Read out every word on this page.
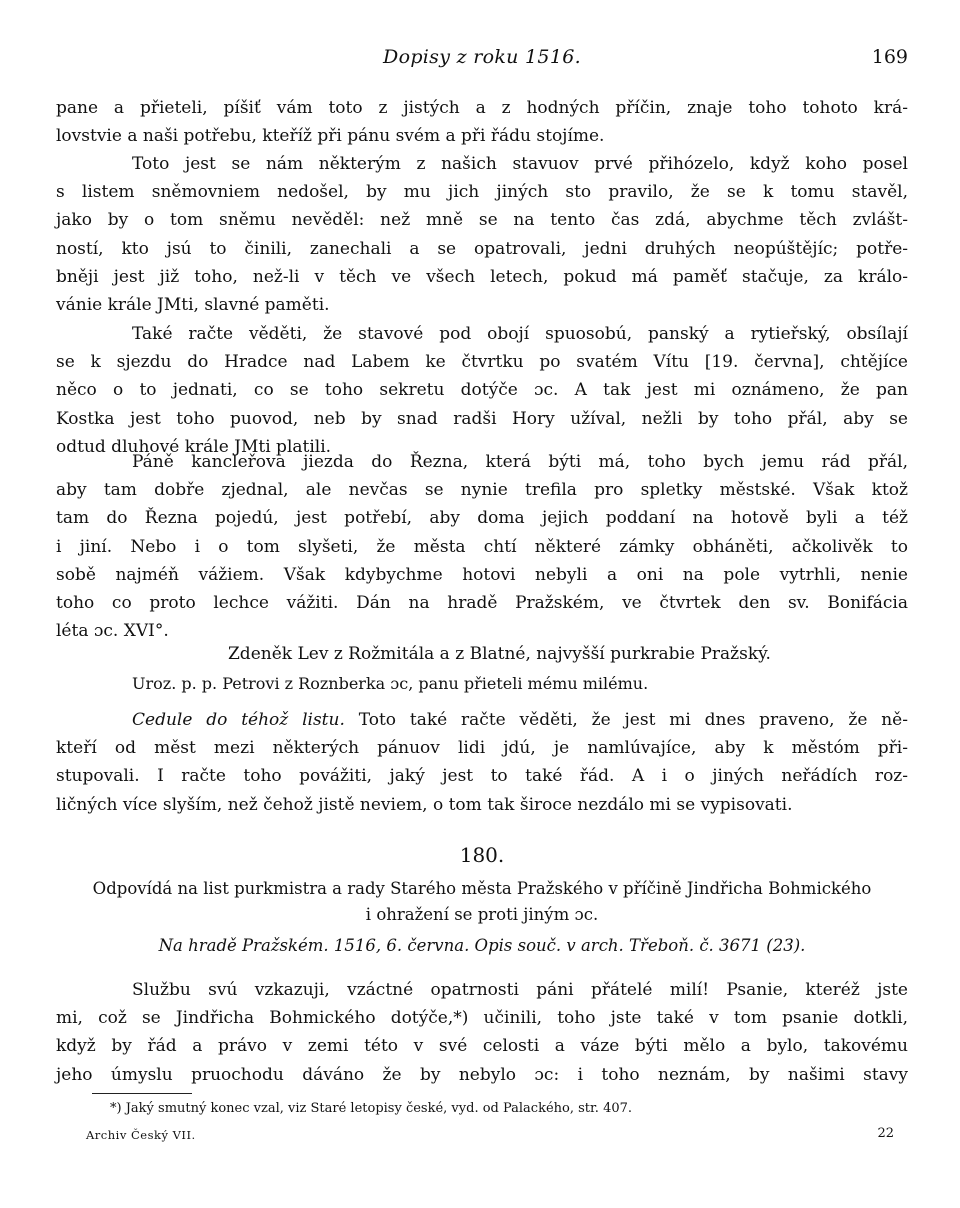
Dopisy z roku 1516.	169
pane a přieteli, píšiť vám toto z jistých a z hodných příčin, znaje toho tohoto krá-
lovstvie a naši potřebu, kteříž při pánu svém a při řádu stojíme.
Toto jest se nám některým z našich stavuov prvé přihózelo, když koho posel
s listem sněmovniem nedošel, by mu jich jiných sto pravilo, že se k tomu stavěl,
jako by o tom sněmu nevěděl: než mně se na tento čas zdá, abychme těch zvlášt-
ností, kto jsú to činili, zanechali a se opatrovali, jedni druhých neopúštějíc; potře-
bněji jest již toho, než-li v těch ve všech letech, pokud má paměť stačuje, za králo-
vánie krále JMti, slavné paměti.
Také račte věděti, že stavové pod obojí spuosobú, panský a rytieřský, obsílají
se k sjezdu do Hradce nad Labem ke čtvrtku po svatém Vítu [19. června], chtějíce
něco o to jednati, co se toho sekretu dotýče ɔc. A tak jest mi oznámeno, že pan
Kostka jest toho puovod, neb by snad radši Hory užíval, nežli by toho přál, aby se
odtud dluhové krále JMti platili.
Páně kancleřova jiezda do Řezna, která býti má, toho bych jemu rád přál,
aby tam dobře zjednal, ale nevčas se nynie trefila pro spletky městské. Však ktož
tam do Řezna pojedú, jest potřebí, aby doma jejich poddaní na hotově byli a též
i jiní. Nebo i o tom slyšeti, že města chtí některé zámky obháněti, ačkolivěk to
sobě najméň vážiem. Však kdybychme hotovi nebyli a oni na pole vytrhli, nenie
toho co proto lechce vážiti. Dán na hradě Pražském, ve čtvrtek den sv. Bonifácia
léta ɔc. XVI°.
Zdeněk Lev z Rožmitála a z Blatné, najvyšší purkrabie Pražský.
Uroz. p. p. Petrovi z Roznberka ɔc, panu přieteli mému milému.
Cedule do téhož listu. Toto také račte věděti, že jest mi dnes praveno, že ně-
kteří od měst mezi některých pánuov lidi jdú, je namlúvajíce, aby k městóm při-
stupovali. I račte toho povážiti, jaký jest to také řád. A i o jiných neřádích roz-
ličných více slyším, než čehož jistě neviem, o tom tak široce nezdálo mi se vypisovati.
180.
Odpovídá na list purkmistra a rady Starého města Pražského v příčině Jindřicha Bohmického
i ohražení se proti jiným ɔc.
Na hradě Pražském. 1516, 6. června. Opis souč. v arch. Třeboň. č. 3671 (23).
Službu svú vzkazuji, vzáctné opatrnosti páni přátelé milí! Psanie, kteréž jste
mi, což se Jindřicha Bohmického dotýče,*) učinili, toho jste také v tom psanie dotkli,
když by řád a právo v zemi této v své celosti a váze býti mělo a bylo, takovému
jeho úmyslu pruochodu dáváno že by nebylo ɔc: i toho neznám, by našimi stavy
*) Jaký smutný konec vzal, viz Staré letopisy české, vyd. od Palackého, str. 407.
Archiv Český VII.	22
